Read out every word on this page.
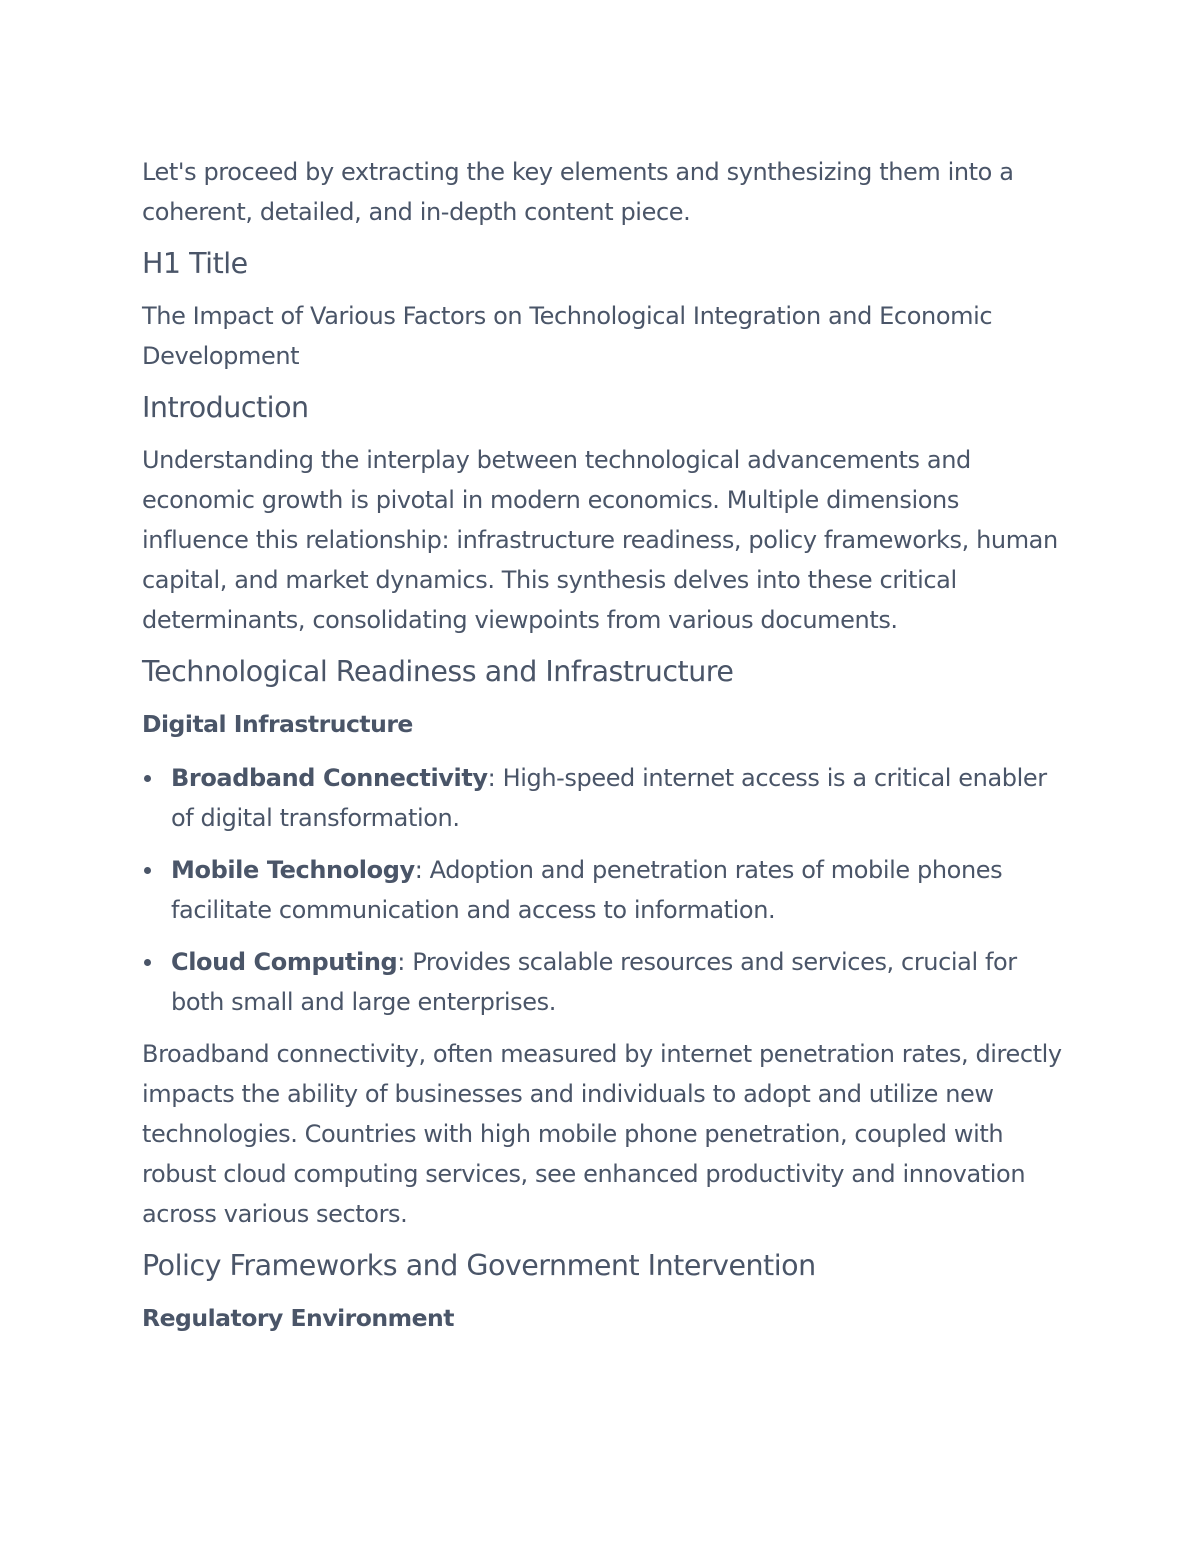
Let's proceed by extracting the key elements and synthesizing them into a coherent, detailed, and in-depth content piece.

H1 Title

The Impact of Various Factors on Technological Integration and Economic Development

Introduction

Understanding the interplay between technological advancements and economic growth is pivotal in modern economics. Multiple dimensions influence this relationship: infrastructure readiness, policy frameworks, human capital, and market dynamics. This synthesis delves into these critical determinants, consolidating viewpoints from various documents.

Technological Readiness and Infrastructure
Digital Infrastructure
Broadband Connectivity: High-speed internet access is a critical enabler of digital transformation.
Mobile Technology: Adoption and penetration rates of mobile phones facilitate communication and access to information.
Cloud Computing: Provides scalable resources and services, crucial for both small and large enterprises.

Broadband connectivity, often measured by internet penetration rates, directly impacts the ability of businesses and individuals to adopt and utilize new technologies. Countries with high mobile phone penetration, coupled with robust cloud computing services, see enhanced productivity and innovation across various sectors.

Policy Frameworks and Government Intervention
Regulatory Environment
